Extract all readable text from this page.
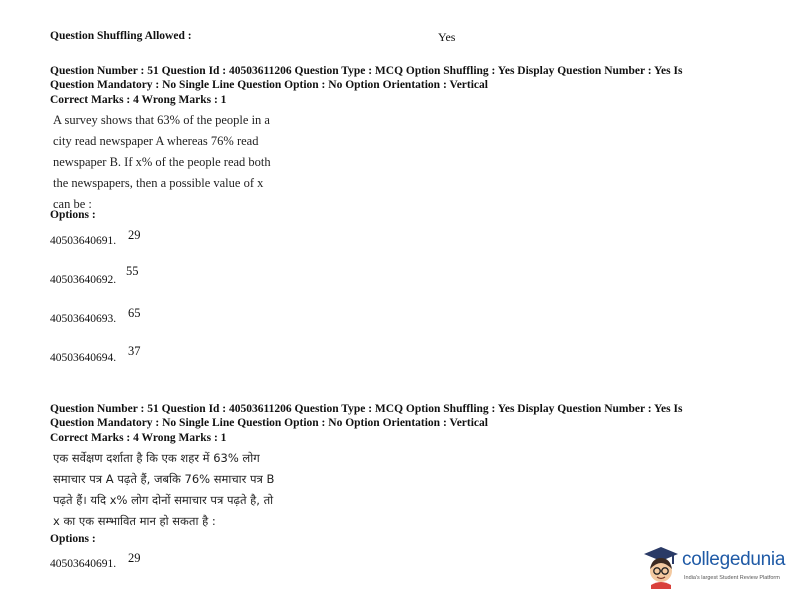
Question Shuffling Allowed :	Yes
Question Number : 51 Question Id : 40503611206 Question Type : MCQ Option Shuffling : Yes Display Question Number : Yes Is
Question Mandatory : No Single Line Question Option : No Option Orientation : Vertical
Correct Marks : 4 Wrong Marks : 1
A survey shows that 63% of the people in a
city read newspaper A whereas 76% read
newspaper B. If x% of the people read both
the newspapers, then a possible value of x
can be :
Options :
40503640691. 29
40503640692.
55
40503640693. 65
40503640694. 37
Question Number : 51 Question Id : 40503611206 Question Type : MCQ Option Shuffling : Yes Display Question Number : Yes Is
Question Mandatory : No Single Line Question Option : No Option Orientation : Vertical
Correct Marks : 4 Wrong Marks : 1
एक सर्वेक्षण दर्शाता है कि एक शहर में 63% लोग
समाचार पत्र A पढ़ते हैं, जबकि 76% समाचार पत्र B
पढ़ते हैं। यदि x% लोग दोनों समाचार पत्र पढ़ते है, तो
x का एक सम्भावित मान हो सकता है :
Options :
40503640691. 29	collegedunia
India's largest Student Review Platform
